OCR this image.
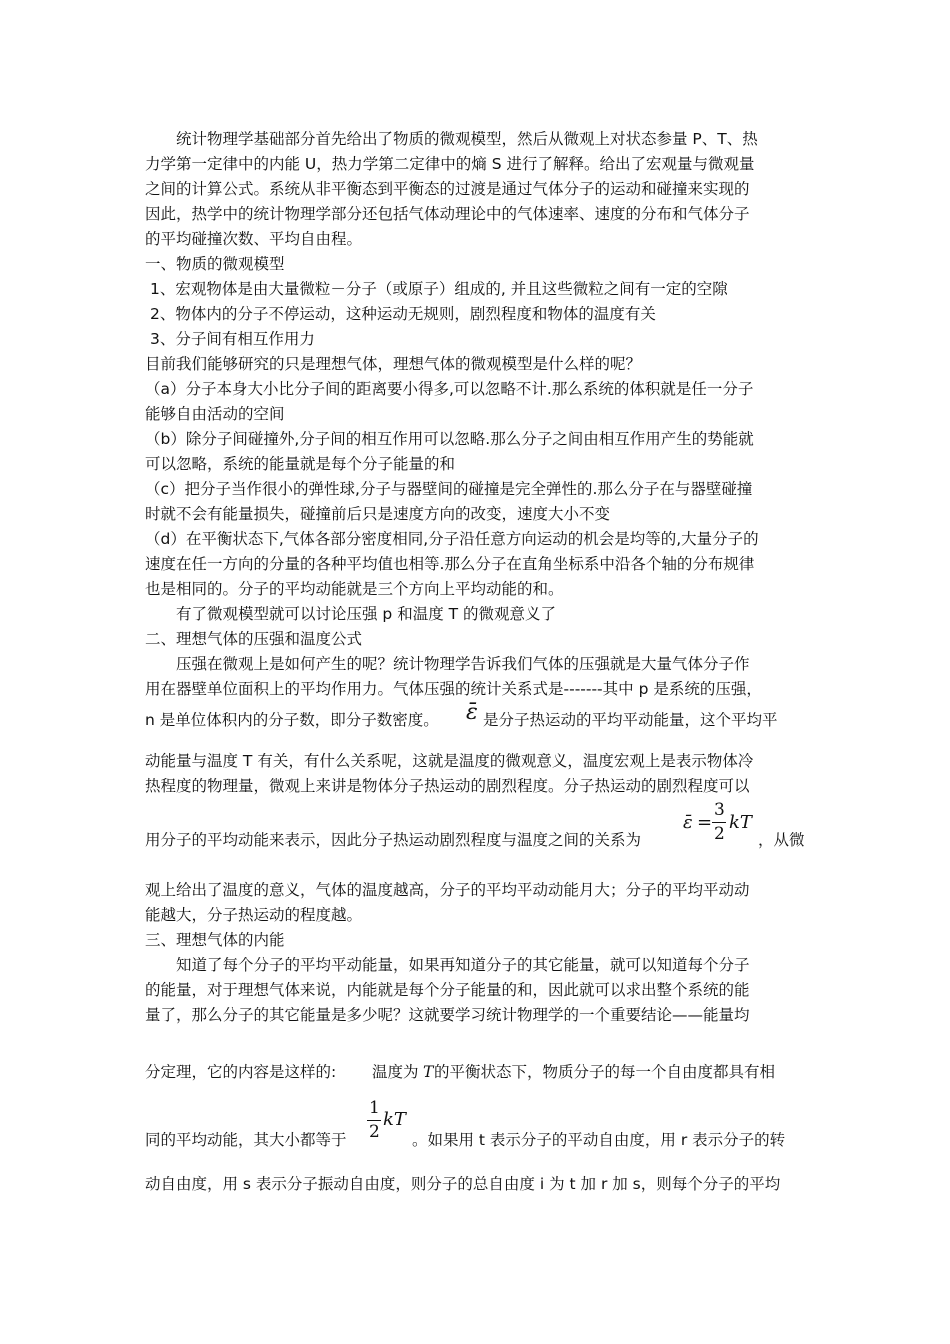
统计物理学基础部分首先给出了物质的微观模型，然后从微观上对状态参量 P、T、热
力学第一定律中的内能 U，热力学第二定律中的熵 S 进行了解释。给出了宏观量与微观量
之间的计算公式。系统从非平衡态到平衡态的过渡是通过气体分子的运动和碰撞来实现的
因此，热学中的统计物理学部分还包括气体动理论中的气体速率、速度的分布和气体分子
的平均碰撞次数、平均自由程。
一、物质的微观模型
1、宏观物体是由大量微粒－分子（或原子）组成的, 并且这些微粒之间有一定的空隙
2、物体内的分子不停运动，这种运动无规则，剧烈程度和物体的温度有关
3、分子间有相互作用力
目前我们能够研究的只是理想气体，理想气体的微观模型是什么样的呢？
（a）分子本身大小比分子间的距离要小得多,可以忽略不计.那么系统的体积就是任一分子
能够自由活动的空间
（b）除分子间碰撞外,分子间的相互作用可以忽略.那么分子之间由相互作用产生的势能就
可以忽略，系统的能量就是每个分子能量的和
（c）把分子当作很小的弹性球,分子与器壁间的碰撞是完全弹性的.那么分子在与器壁碰撞
时就不会有能量损失，碰撞前后只是速度方向的改变，速度大小不变
（d）在平衡状态下,气体各部分密度相同,分子沿任意方向运动的机会是均等的,大量分子的
速度在任一方向的分量的各种平均值也相等.那么分子在直角坐标系中沿各个轴的分布规律
也是相同的。分子的平均动能就是三个方向上平均动能的和。
有了微观模型就可以讨论压强 p 和温度 T 的微观意义了
二、理想气体的压强和温度公式
压强在微观上是如何产生的呢？统计物理学告诉我们气体的压强就是大量气体分子作
用在器壁单位面积上的平均作用力。气体压强的统计关系式是-------其中 p 是系统的压强，
n 是单位体积内的分子数，即分子数密度。 ε̄ 是分子热运动的平均平动能量，这个平均平
动能量与温度 T 有关，有什么关系呢，这就是温度的微观意义，温度宏观上是表示物体冷
热程度的物理量，微观上来讲是物体分子热运动的剧烈程度。分子热运动的剧烈程度可以
用分子的平均动能来表示，因此分子热运动剧烈程度与温度之间的关系为
ε̄ =
3
2
kT
，从微
观上给出了温度的意义，气体的温度越高，分子的平均平动动能月大；分子的平均平动动
能越大，分子热运动的程度越。
三、理想气体的内能
知道了每个分子的平均平动能量，如果再知道分子的其它能量，就可以知道每个分子
的能量，对于理想气体来说，内能就是每个分子能量的和，因此就可以求出整个系统的能
量了，那么分子的其它能量是多少呢？这就要学习统计物理学的一个重要结论——能量均
分定理，它的内容是这样的: 温度为 T 的平衡状态下，物质分子的每一个自由度都具有相
同的平均动能，其大小都等于
1
2
kT
。如果用 t 表示分子的平动自由度，用 r 表示分子的转
动自由度，用 s 表示分子振动自由度，则分子的总自由度 i 为 t 加 r 加 s，则每个分子的平均
